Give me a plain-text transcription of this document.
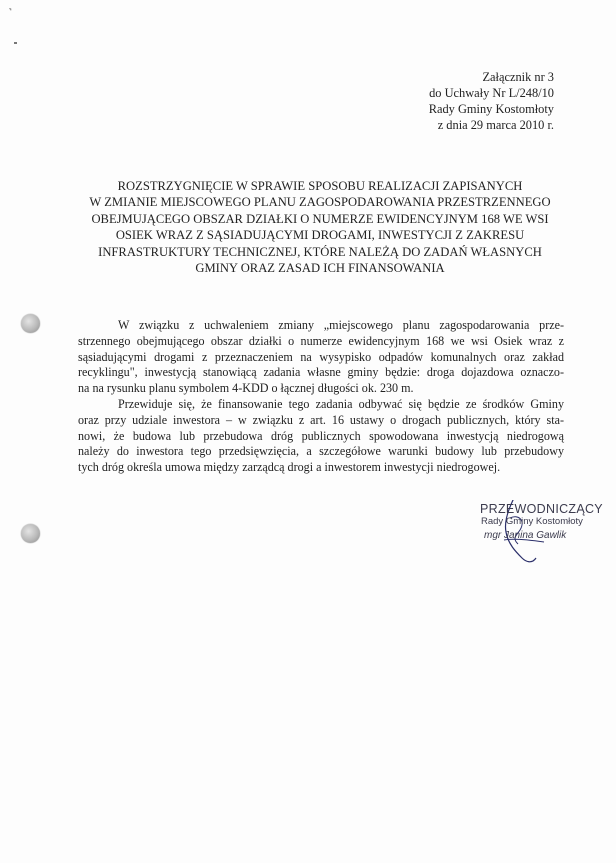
˺
Załącznik nr 3
do Uchwały Nr L/248/10
Rady Gminy Kostomłoty
z dnia 29 marca 2010 r.
ROZSTRZYGNIĘCIE W SPRAWIE SPOSOBU REALIZACJI ZAPISANYCH
W ZMIANIE MIEJSCOWEGO PLANU ZAGOSPODAROWANIA PRZESTRZENNEGO
OBEJMUJĄCEGO OBSZAR DZIAŁKI O NUMERZE EWIDENCYJNYM 168 WE WSI
OSIEK WRAZ Z SĄSIADUJĄCYMI DROGAMI, INWESTYCJI Z ZAKRESU
INFRASTRUKTURY TECHNICZNEJ, KTÓRE NALEŻĄ DO ZADAŃ WŁASNYCH
GMINY ORAZ ZASAD ICH FINANSOWANIA
W związku z uchwaleniem zmiany „miejscowego planu zagospodarowania prze-
strzennego obejmującego obszar działki o numerze ewidencyjnym 168 we wsi Osiek wraz z
sąsiadującymi drogami z przeznaczeniem na wysypisko odpadów komunalnych oraz zakład
recyklingu", inwestycją stanowiącą zadania własne gminy będzie: droga dojazdowa oznaczo-
na na rysunku planu symbolem 4-KDD o łącznej długości ok. 230 m.
Przewiduje się, że finansowanie tego zadania odbywać się będzie ze środków Gminy
oraz przy udziale inwestora – w związku z art. 16 ustawy o drogach publicznych, który sta-
nowi, że budowa lub przebudowa dróg publicznych spowodowana inwestycją niedrogową
należy do inwestora tego przedsięwzięcia, a szczegółowe warunki budowy lub przebudowy
tych dróg określa umowa między zarządcą drogi a inwestorem inwestycji niedrogowej.
PRZEWODNICZĄCY
Rady Gminy Kostomłoty
mgr Janina Gawlik
